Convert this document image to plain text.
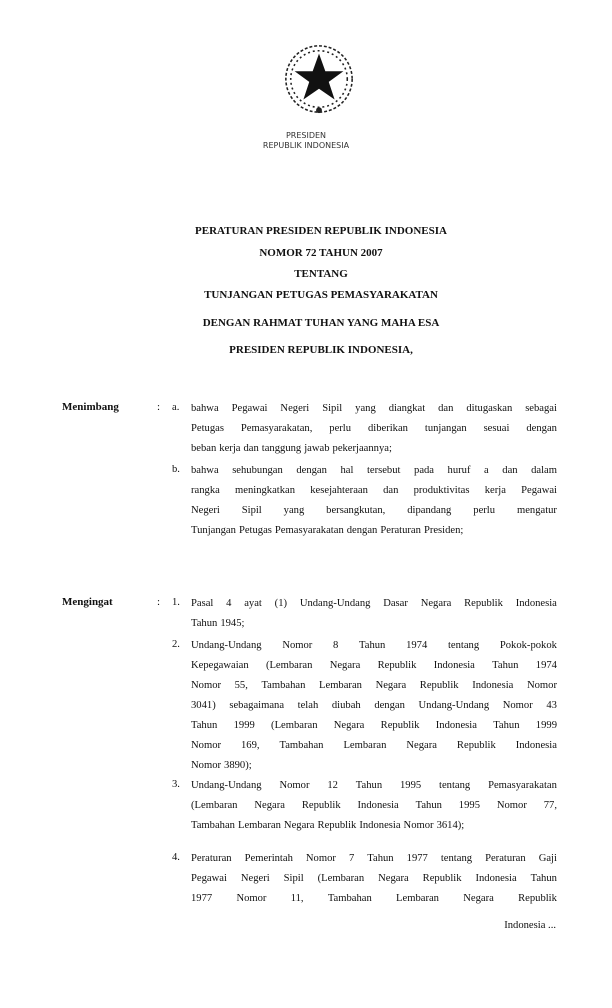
PRESIDEN
REPUBLIK INDONESIA
PERATURAN PRESIDEN REPUBLIK INDONESIA
NOMOR 72 TAHUN 2007
TENTANG
TUNJANGAN PETUGAS PEMASYARAKATAN
DENGAN RAHMAT TUHAN YANG MAHA ESA
PRESIDEN REPUBLIK INDONESIA,
Menimbang	:
Mengingat	:
a. bahwa Pegawai Negeri Sipil yang diangkat dan ditugaskan sebagai
Petugas Pemasyarakatan, perlu diberikan tunjangan sesuai dengan
beban kerja dan tanggung jawab pekerjaannya;
b. bahwa sehubungan dengan hal tersebut pada huruf a dan dalam
rangka meningkatkan kesejahteraan dan produktivitas kerja Pegawai
Negeri Sipil yang bersangkutan, dipandang perlu mengatur
Tunjangan Petugas Pemasyarakatan dengan Peraturan Presiden;
1. Pasal 4 ayat (1) Undang-Undang Dasar Negara Republik Indonesia
Tahun 1945;
2. Undang-Undang Nomor 8 Tahun 1974 tentang Pokok-pokok
Kepegawaian (Lembaran Negara Republik Indonesia Tahun 1974
Nomor 55, Tambahan Lembaran Negara Republik Indonesia Nomor
3041) sebagaimana telah diubah dengan Undang-Undang Nomor 43
Tahun 1999 (Lembaran Negara Republik Indonesia Tahun 1999
Nomor 169, Tambahan Lembaran Negara Republik Indonesia
Nomor 3890);
3. Undang-Undang Nomor 12 Tahun 1995 tentang Pemasyarakatan
(Lembaran Negara Republik Indonesia Tahun 1995 Nomor 77,
Tambahan Lembaran Negara Republik Indonesia Nomor 3614);
4. Peraturan Pemerintah Nomor 7 Tahun 1977 tentang Peraturan Gaji
Pegawai Negeri Sipil (Lembaran Negara Republik Indonesia Tahun
1977 Nomor 11, Tambahan Lembaran Negara Republik
Indonesia ...
